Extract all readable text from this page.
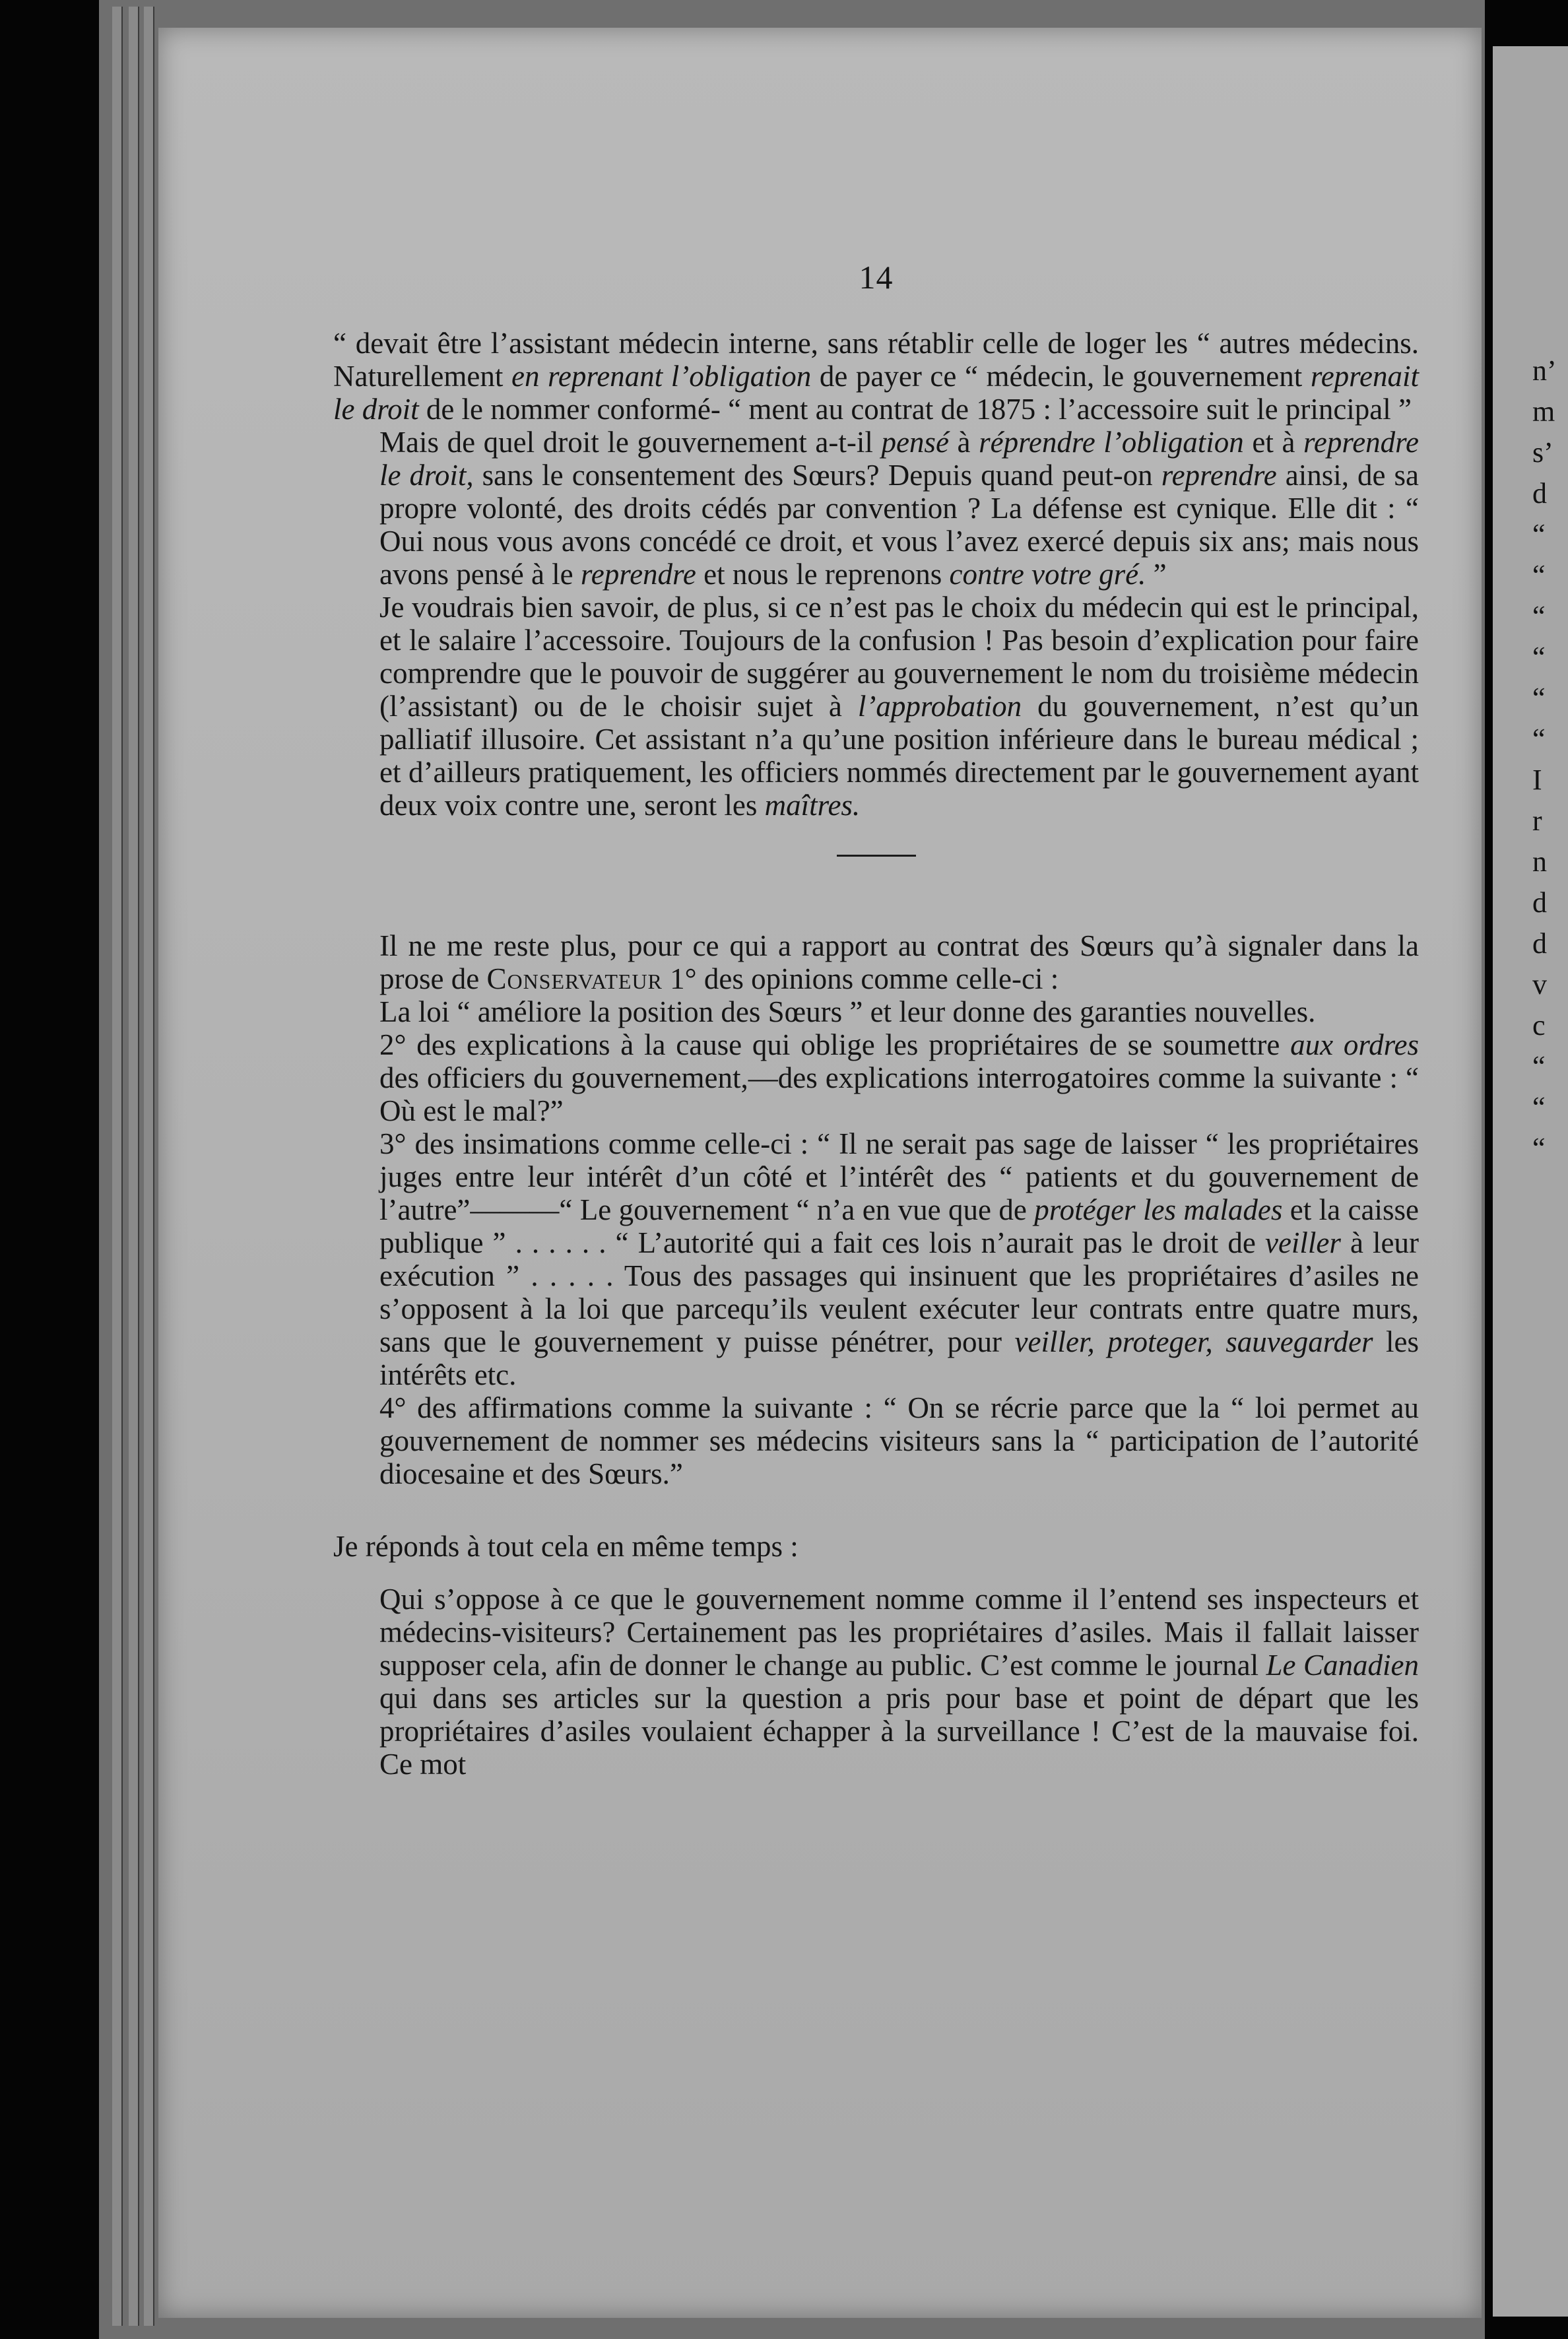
n’
m
s’
d
“
“
“
“
“
“
I
r
n
d
d
v
c
“
“
“
14

“ devait être l’assistant médecin interne, sans rétablir celle de loger les “ autres médecins. Naturellement en reprenant l’obligation de payer ce “ médecin, le gouvernement reprenait le droit de le nommer conformé- “ ment au contrat de 1875 : l’accessoire suit le principal ”

Mais de quel droit le gouvernement a-t-il pensé à réprendre l’obligation et à reprendre le droit, sans le consentement des Sœurs? Depuis quand peut-on reprendre ainsi, de sa propre volonté, des droits cédés par convention ? La défense est cynique. Elle dit : “ Oui nous vous avons concédé ce droit, et vous l’avez exercé depuis six ans; mais nous avons pensé à le reprendre et nous le reprenons contre votre gré. ”

Je voudrais bien savoir, de plus, si ce n’est pas le choix du médecin qui est le principal, et le salaire l’accessoire. Toujours de la confusion ! Pas besoin d’explication pour faire comprendre que le pouvoir de suggérer au gouvernement le nom du troisième médecin (l’assistant) ou de le choisir sujet à l’approbation du gouvernement, n’est qu’un palliatif illusoire. Cet assistant n’a qu’une position inférieure dans le bureau médical ; et d’ailleurs pratiquement, les officiers nommés directement par le gouvernement ayant deux voix contre une, seront les maîtres.

Il ne me reste plus, pour ce qui a rapport au contrat des Sœurs qu’à signaler dans la prose de Conservateur 1° des opinions comme celle-ci :

La loi “ améliore la position des Sœurs ” et leur donne des garanties nouvelles.

2° des explications à la cause qui oblige les propriétaires de se soumettre aux ordres des officiers du gouvernement,—des explications interrogatoires comme la suivante : “ Où est le mal?”

3° des insimations comme celle-ci : “ Il ne serait pas sage de laisser “ les propriétaires juges entre leur intérêt d’un côté et l’intérêt des “ patients et du gouvernement de l’autre”———“ Le gouvernement “ n’a en vue que de protéger les malades et la caisse publique ” . . . . . . “ L’autorité qui a fait ces lois n’aurait pas le droit de veiller à leur exécution ” . . . . . Tous des passages qui insinuent que les propriétaires d’asiles ne s’opposent à la loi que parcequ’ils veulent exécuter leur contrats entre quatre murs, sans que le gouvernement y puisse pénétrer, pour veiller, proteger, sauvegarder les intérêts etc.

4° des affirmations comme la suivante : “ On se récrie parce que la “ loi permet au gouvernement de nommer ses médecins visiteurs sans la “ participation de l’autorité diocesaine et des Sœurs.”

Je réponds à tout cela en même temps :

Qui s’oppose à ce que le gouvernement nomme comme il l’entend ses inspecteurs et médecins-visiteurs? Certainement pas les propriétaires d’asiles. Mais il fallait laisser supposer cela, afin de donner le change au public. C’est comme le journal Le Canadien qui dans ses articles sur la question a pris pour base et point de départ que les propriétaires d’asiles voulaient échapper à la surveillance ! C’est de la mauvaise foi. Ce mot
